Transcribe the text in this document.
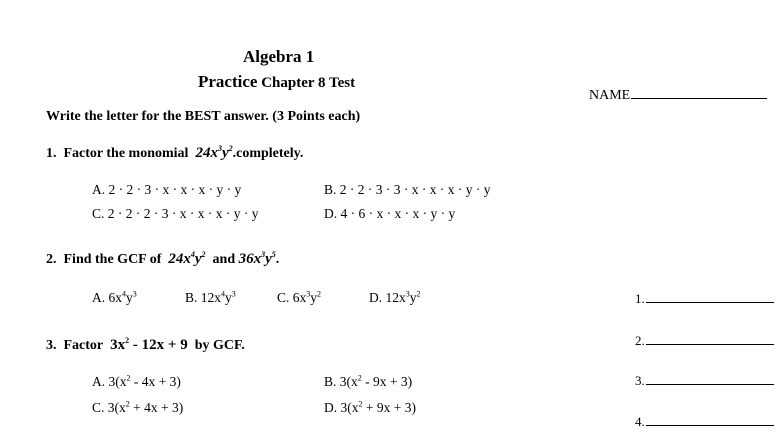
Algebra 1
Practice Chapter 8 Test
NAME
Write the letter for the BEST answer. (3 Points each)
1. Factor the monomial $24x^3y^2.completely$.
A. 2 · 2 · 3 · x · x · x · y · y	B. 2 · 2 · 3 · 3 · x · x · x · y · y
C. 2 · 2 · 2 · 3 · x · x · x · y · y	D. 4 · 6 · x · x · x · y · y
2. Find the GCF of $24x^4y^2$ and $36x^3y^5$.
A. $6x^4y^3$	B. $12x^4y^3$	C. $6x^3y^2$	D. $12x^3y^2$
3. Factor $3x^2 - 12x + 9$ by GCF.
A. $3(x^2 - 4x + 3)$	B. $3(x^2 - 9x + 3)$
C. $3(x^2 + 4x + 3)$	D. $3(x^2 + 9x + 3)$
1.
2.
3.
4.
